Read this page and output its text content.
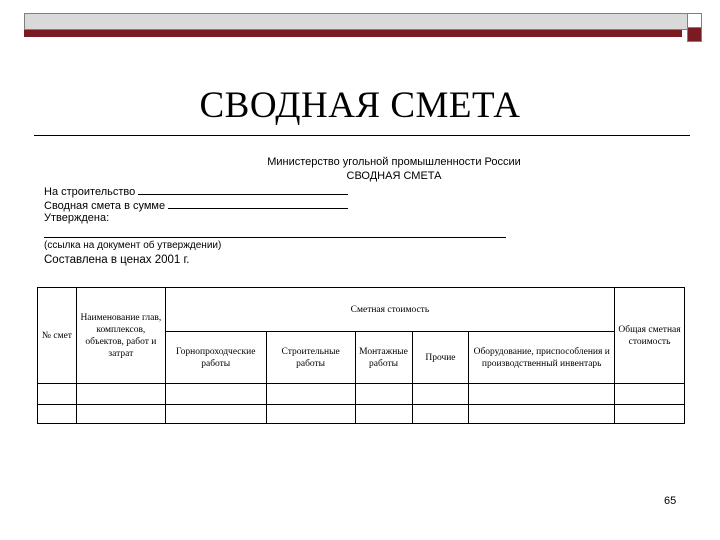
СВОДНАЯ СМЕТА
Министерство угольной промышленности России
СВОДНАЯ СМЕТА
На строительство
Сводная смета в сумме
Утверждена:
(ссылка на документ об утверждении)
Составлена в ценах 2001 г.
№ смет	Наименование глав, комплексов, объектов, работ и затрат	Сметная стоимость					Общая сметная стоимость
		Горнопроходческие работы	Строительные работы	Монтажные работы	Прочие	Оборудование, приспособления и производственный инвентарь	

65
